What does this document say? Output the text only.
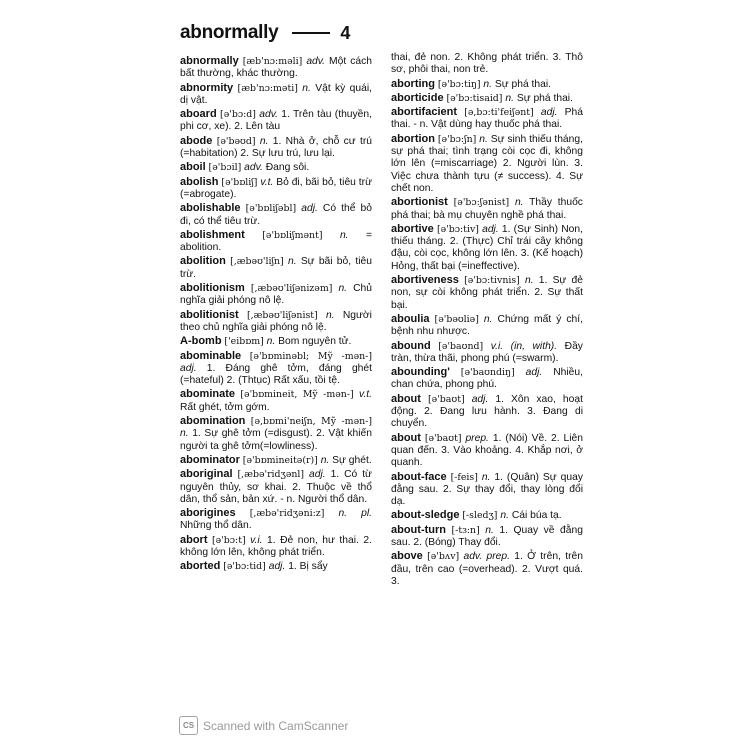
abnormally	4
abnormally [æb'nɔ:məli] adv. Một cách bất thường, khác thường.
abnormity [æb'nɔ:məti] n. Vật kỳ quái, dị vật.
aboard [ə'bɔ:d] adv. 1. Trên tàu (thuyền, phi cơ, xe). 2. Lên tàu
abode [ə'bəʊd] n. 1. Nhà ở, chỗ cư trú (=habitation) 2. Sự lưu trú, lưu lại.
aboil [ə'bɔil] adv. Đang sôi.
abolish [ə'bɒliʃ] v.t. Bỏ đi, bãi bỏ, tiêu trừ (=abrogate).
abolishable [ə'bɒliʃəbl] adj. Có thể bỏ đi, có thể tiêu trừ.
abolishment [ə'bɒliʃmənt] n. = abolition.
abolition [,æbəʊ'liʃn] n. Sự bãi bỏ, tiêu trừ.
abolitionism [,æbəʊ'liʃənizəm] n. Chủ nghĩa giải phóng nô lệ.
abolitionist [,æbəʊ'liʃənist] n. Người theo chủ nghĩa giải phóng nô lệ.
A-bomb ['eibɒm] n. Bom nguyên tử.
abominable [ə'bɒminəbl; Mỹ -mən-] adj. 1. Đáng ghê tởm, đáng ghét (=hateful) 2. (Thtục) Rất xấu, tồi tệ.
abominate [ə'bɒmineit, Mỹ -mən-] v.t. Rất ghét, tởm gớm.
abomination [ə,bɒmi'neiʃn, Mỹ -mən-] n. 1. Sự ghê tởm (=disgust). 2. Vật khiến người ta ghê tởm(=lowliness).
abominator [ə'bɒmineitə(r)] n. Sự ghét.
aboriginal [,æbə'ridʒənl] adj. 1. Có từ nguyên thủy, sơ khai. 2. Thuộc về thổ dân, thổ sản, bản xứ. - n. Người thổ dân.
aborigines [,æbə'ridʒəni:z] n. pl. Những thổ dân.
abort [ə'bɔ:t] v.i. 1. Đẻ non, hư thai. 2. không lớn lên, không phát triển.
aborted [ə'bɔ:tid] adj. 1. Bị sẩy
thai, đẻ non. 2. Không phát triển. 3. Thô sơ, phôi thai, non trẻ.
aborting [ə'bɔ:tiŋ] n. Sự phá thai.
aborticide [ə'bɔ:tisaid] n. Sự phá thai.
abortifacient [ə,bɔ:ti'feiʃənt] adj. Phá thai. - n. Vật dùng hay thuốc phá thai.
abortion [ə'bɔ:ʃn] n. Sự sinh thiếu tháng, sự phá thai; tình trạng còi cọc đi, không lớn lên (=miscarriage) 2. Người lùn. 3. Việc chưa thành tựu (≠ success). 4. Sự chết non.
abortionist [ə'bɔ:ʃənist] n. Thầy thuốc phá thai; bà mụ chuyên nghề phá thai.
abortive [ə'bɔ:tiv] adj. 1. (Sự Sinh) Non, thiếu tháng. 2. (Thực) Chỉ trái cây không đậu, còi cọc, không lớn lên. 3. (Kế hoạch) Hỏng, thất bại (=ineffective).
abortiveness [ə'bɔ:tivnis] n. 1. Sự đẻ non, sự còi không phát triển. 2. Sự thất bại.
aboulia [ə'bəʊliə] n. Chứng mất ý chí, bệnh nhu nhược.
abound [ə'baʊnd] v.i. (in, with). Đầy tràn, thừa thãi, phong phú (=swarm).
abounding' [ə'baʊndiŋ] adj. Nhiều, chan chứa, phong phú.
about [ə'baʊt] adj. 1. Xôn xao, hoạt động. 2. Đang lưu hành. 3. Đang di chuyển.
about [ə'baʊt] prep. 1. (Nói) Về. 2. Liên quan đến. 3. Vào khoảng. 4. Khắp nơi, ở quanh.
about-face [-feis] n. 1. (Quân) Sự quay đằng sau. 2. Sự thay đổi, thay lòng đổi dạ.
about-sledge [-sledʒ] n. Cái búa tạ.
about-turn [-tɜ:n] n. 1. Quay về đằng sau. 2. (Bóng) Thay đổi.
above [ə'bʌv] adv. prep. 1. Ở trên, trên đầu, trên cao (=overhead). 2. Vượt quá. 3.
CS Scanned with CamScanner
